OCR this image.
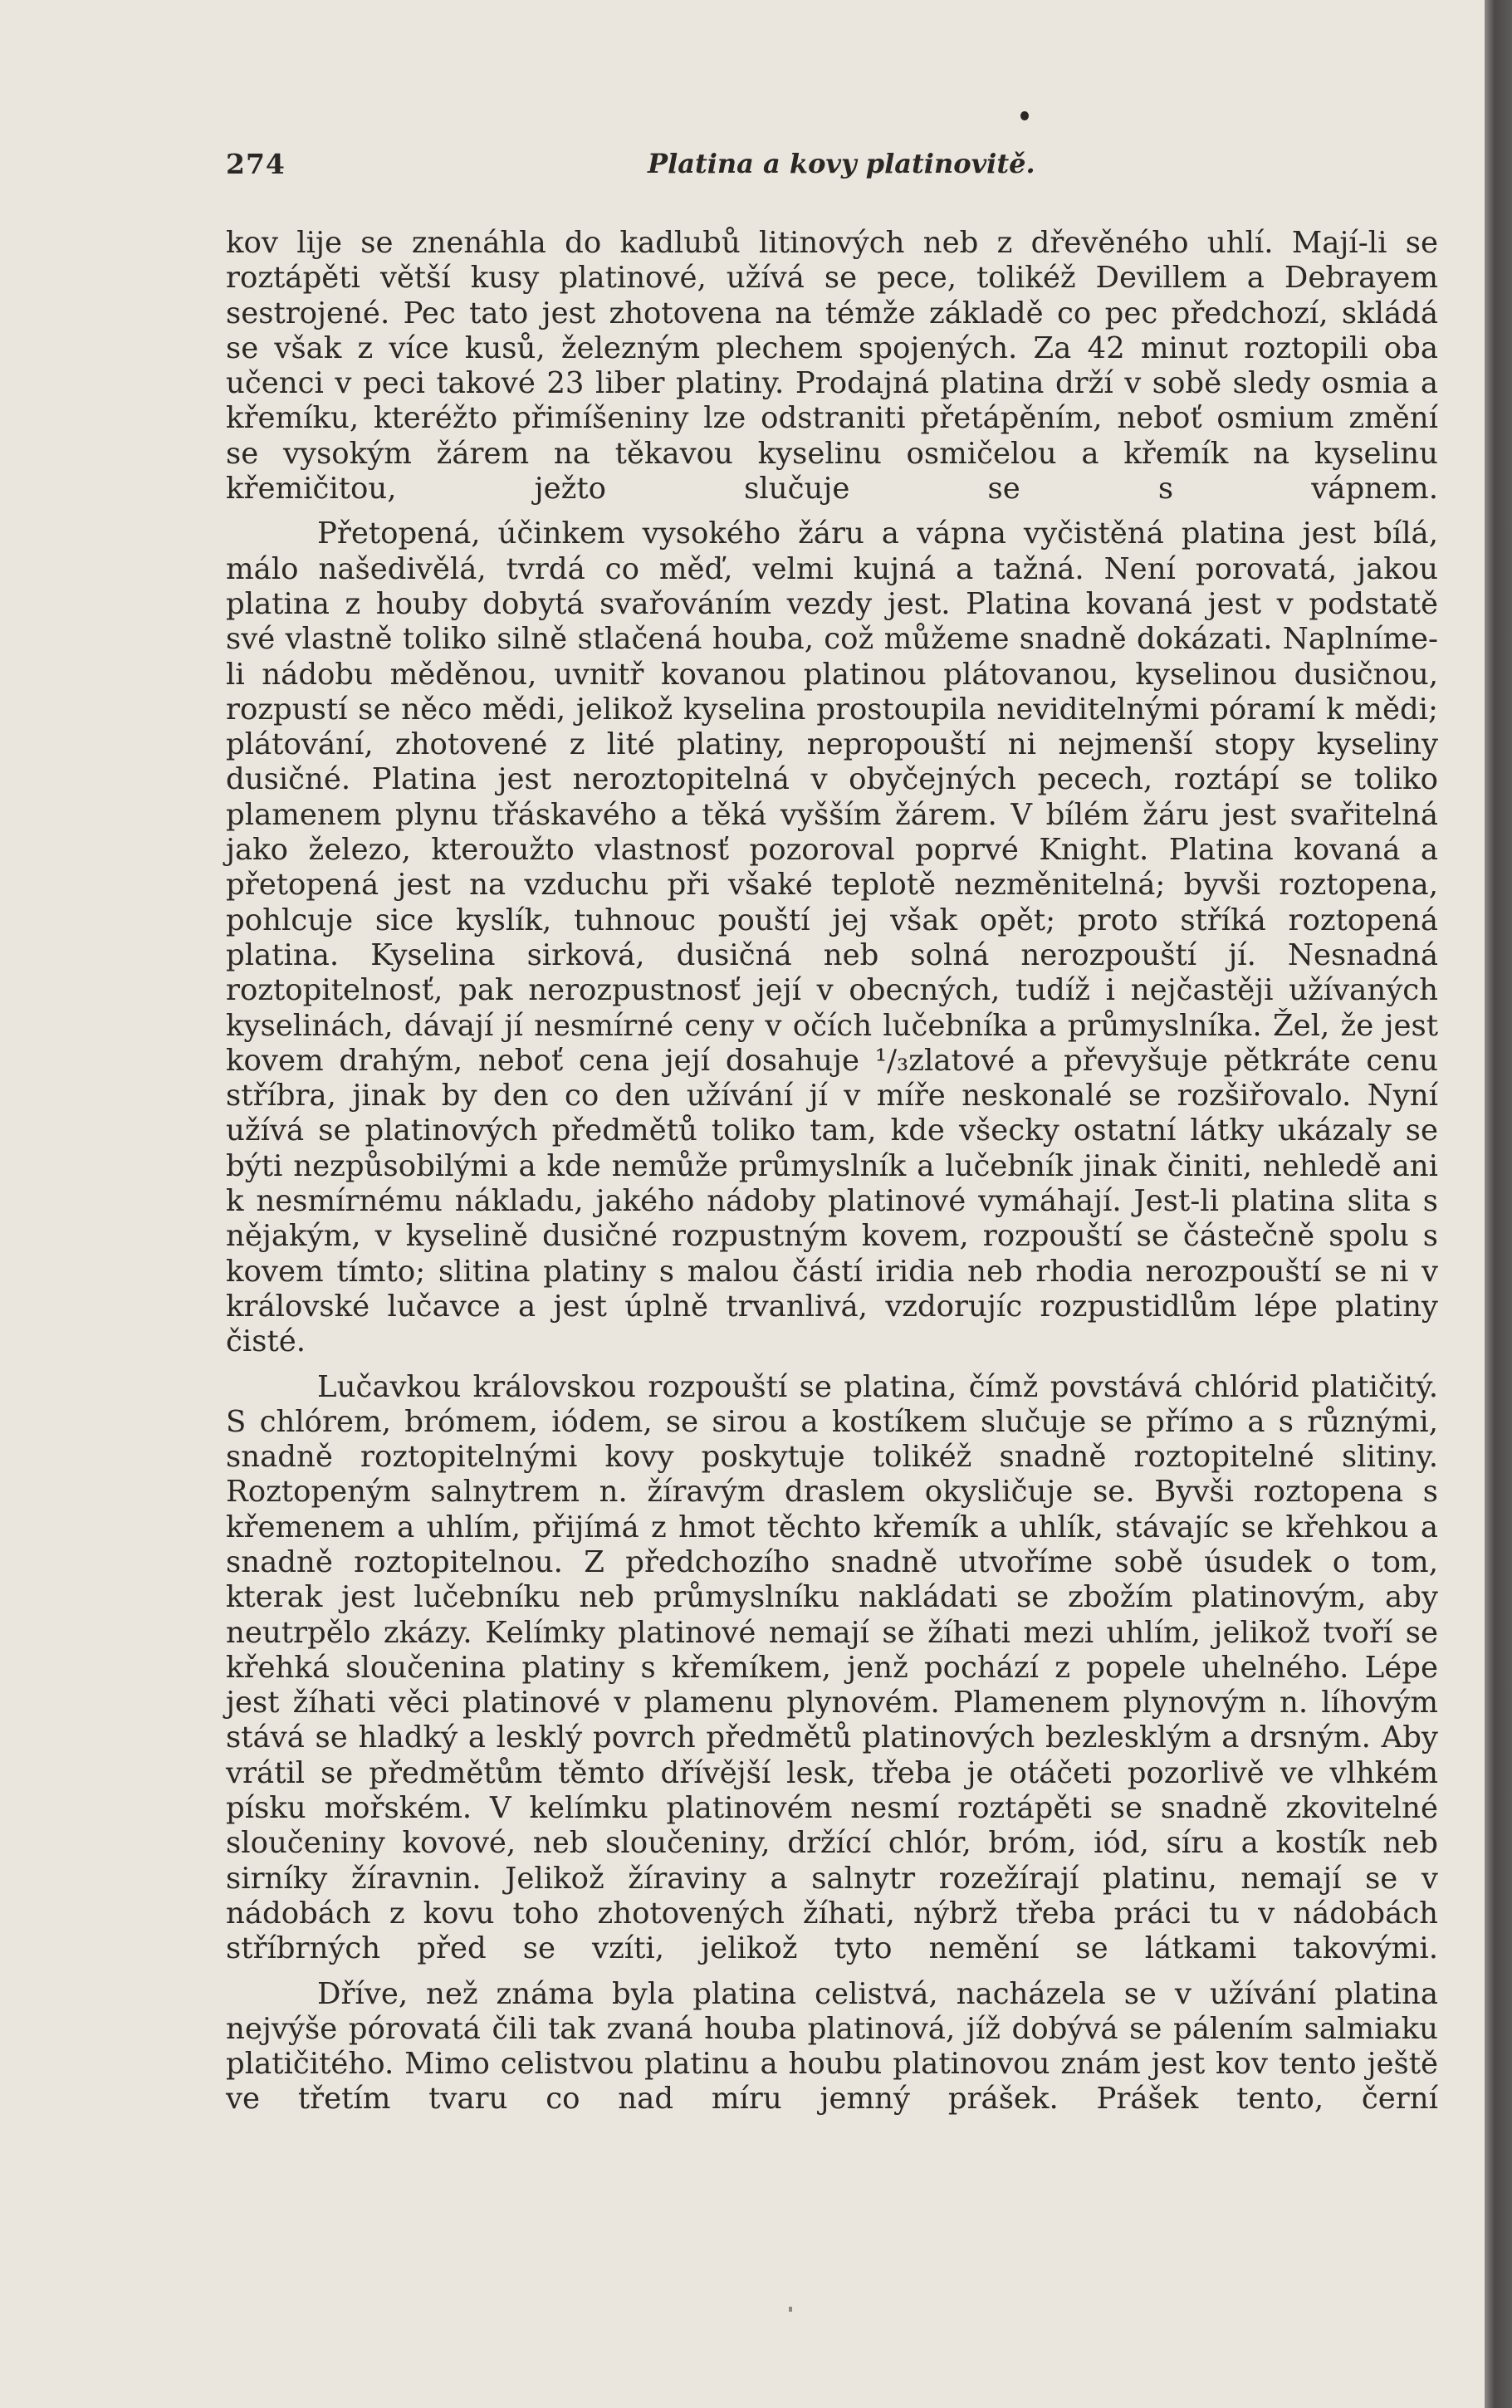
274	Platina a kovy platinovitě.

kov lije se znenáhla do kadlubů litinových neb z dřevěného uhlí. Mají-li se roztápěti větší kusy platinové, užívá se pece, tolikéž Devillem a Debrayem sestrojené. Pec tato jest zhotovena na témže základě co pec předchozí, skládá se však z více kusů, železným plechem spojených. Za 42 minut roztopili oba učenci v peci takové 23 liber platiny. Prodajná platina drží v sobě sledy osmia a křemíku, kteréžto přimíšeniny lze odstraniti přetápěním, neboť osmium změní se vysokým žárem na těkavou kyselinu osmičelou a křemík na kyselinu křemičitou, ježto slučuje se s vápnem.

Přetopená, účinkem vysokého žáru a vápna vyčistěná platina jest bílá, málo našedivělá, tvrdá co měď, velmi kujná a tažná. Není porovatá, jakou platina z houby dobytá svařováním vezdy jest. Platina kovaná jest v podstatě své vlastně toliko silně stlačená houba, což můžeme snadně dokázati. Naplníme-li nádobu měděnou, uvnitř kovanou platinou plátovanou, kyselinou dusičnou, rozpustí se něco mědi, jelikož kyselina prostoupila neviditelnými póramí k mědi; plátování, zhotovené z lité platiny, nepropouští ni nejmenší stopy kyseliny dusičné. Platina jest neroztopitelná v obyčejných pecech, roztápí se toliko plamenem plynu třáskavého a těká vyšším žárem. V bílém žáru jest svařitelná jako železo, kteroužto vlastnosť pozoroval poprvé Knight. Platina kovaná a přetopená jest na vzduchu při všaké teplotě nezměnitelná; byvši roztopena, pohlcuje sice kyslík, tuhnouc pouští jej však opět; proto stříká roztopená platina. Kyselina sirková, dusičná neb solná nerozpouští jí. Nesnadná roztopitelnosť, pak nerozpustnosť její v obecných, tudíž i nejčastěji užívaných kyselinách, dávají jí nesmírné ceny v očích lučebníka a průmyslníka. Žel, že jest kovem drahým, neboť cena její dosahuje ¹/₃zlatové a převyšuje pětkráte cenu stříbra, jinak by den co den užívání jí v míře neskonalé se rozšiřovalo. Nyní užívá se platinových předmětů toliko tam, kde všecky ostatní látky ukázaly se býti nezpůsobilými a kde nemůže průmyslník a lučebník jinak činiti, nehledě ani k nesmírnému nákladu, jakého nádoby platinové vymáhají. Jest-li platina slita s nějakým, v kyselině dusičné rozpustným kovem, rozpouští se částečně spolu s kovem tímto; slitina platiny s malou částí iridia neb rhodia nerozpouští se ni v královské lučavce a jest úplně trvanlivá, vzdorujíc rozpustidlům lépe platiny čisté.

Lučavkou královskou rozpouští se platina, čímž povstává chlórid platičitý. S chlórem, brómem, iódem, se sirou a kostíkem slučuje se přímo a s různými, snadně roztopitelnými kovy poskytuje tolikéž snadně roztopitelné slitiny. Roztopeným salnytrem n. žíravým draslem okysličuje se. Byvši roztopena s křemenem a uhlím, přijímá z hmot těchto křemík a uhlík, stávajíc se křehkou a snadně roztopitelnou. Z předchozího snadně utvoříme sobě úsudek o tom, kterak jest lučebníku neb průmyslníku nakládati se zbožím platinovým, aby neutrpělo zkázy. Kelímky platinové nemají se žíhati mezi uhlím, jelikož tvoří se křehká sloučenina platiny s křemíkem, jenž pochází z popele uhelného. Lépe jest žíhati věci platinové v plamenu plynovém. Plamenem plynovým n. líhovým stává se hladký a lesklý povrch předmětů platinových bezlesklým a drsným. Aby vrátil se předmětům těmto dřívější lesk, třeba je otáčeti pozorlivě ve vlhkém písku mořském. V kelímku platinovém nesmí roztápěti se snadně zkovitelné sloučeniny kovové, neb sloučeniny, držící chlór, bróm, iód, síru a kostík neb sirníky žíravnin. Jelikož žíraviny a salnytr rozežírají platinu, nemají se v nádobách z kovu toho zhotovených žíhati, nýbrž třeba práci tu v nádobách stříbrných před se vzíti, jelikož tyto nemění se látkami takovými.

Dříve, než známa byla platina celistvá, nacházela se v užívání platina nejvýše pórovatá čili tak zvaná houba platinová, jíž dobývá se pálením salmiaku platičitého. Mimo celistvou platinu a houbu platinovou znám jest kov tento ještě ve třetím tvaru co nad míru jemný prášek. Prášek tento, černí
